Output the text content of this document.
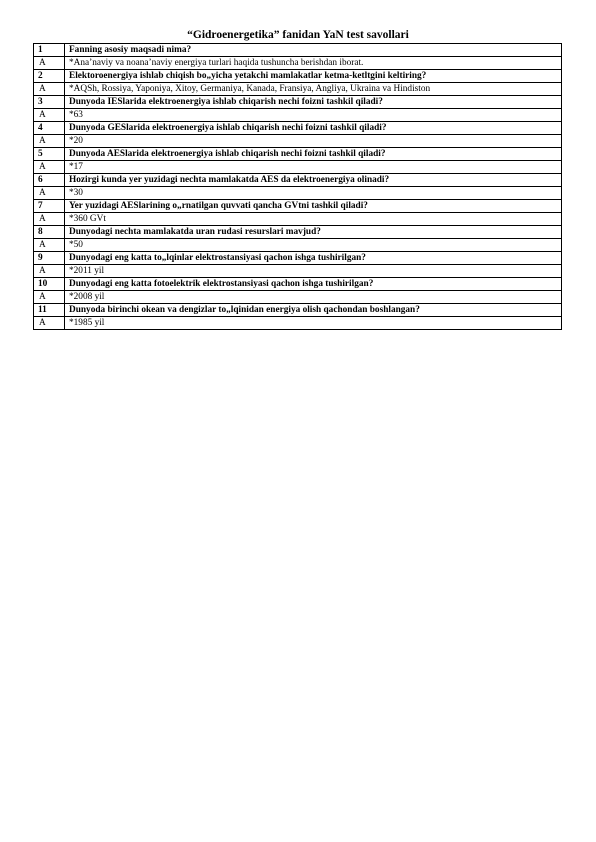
“Gidroenergetika” fanidan YaN test savollari
1	Fanning asosiy maqsadi nima?
A	*Ana’naviy va noana’naviy energiya turlari haqida tushuncha berishdan iborat.
2	Elektoroenergiya ishlab chiqish bo„yicha yetakchi mamlakatlar ketma-ketltgini keltiring?
A	*AQSh, Rossiya, Yaponiya, Xitoy, Germaniya, Kanada, Fransiya, Angliya, Ukraina va Hindiston
3	Dunyoda IESlarida elektroenergiya ishlab chiqarish nechi foizni tashkil qiladi?
A	*63
4	Dunyoda GESlarida elektroenergiya ishlab chiqarish nechi foizni tashkil qiladi?
A	*20
5	Dunyoda AESlarida elektroenergiya ishlab chiqarish nechi foizni tashkil qiladi?
A	*17
6	Hozirgi kunda yer yuzidagi nechta mamlakatda AES da elektroenergiya olinadi?
A	*30
7	Yer yuzidagi AESlarining o„rnatilgan quvvati qancha GVtni tashkil qiladi?
A	*360 GVt
8	Dunyodagi nechta mamlakatda uran rudasi resurslari mavjud?
A	*50
9	Dunyodagi eng katta to„lqinlar elektrostansiyasi qachon ishga tushirilgan?
A	*2011 yil
10	Dunyodagi eng katta fotoelektrik elektrostansiyasi qachon ishga tushirilgan?
A	*2008 yil
11	Dunyoda birinchi okean va dengizlar to„lqinidan energiya olish qachondan boshlangan?
A	*1985 yil
